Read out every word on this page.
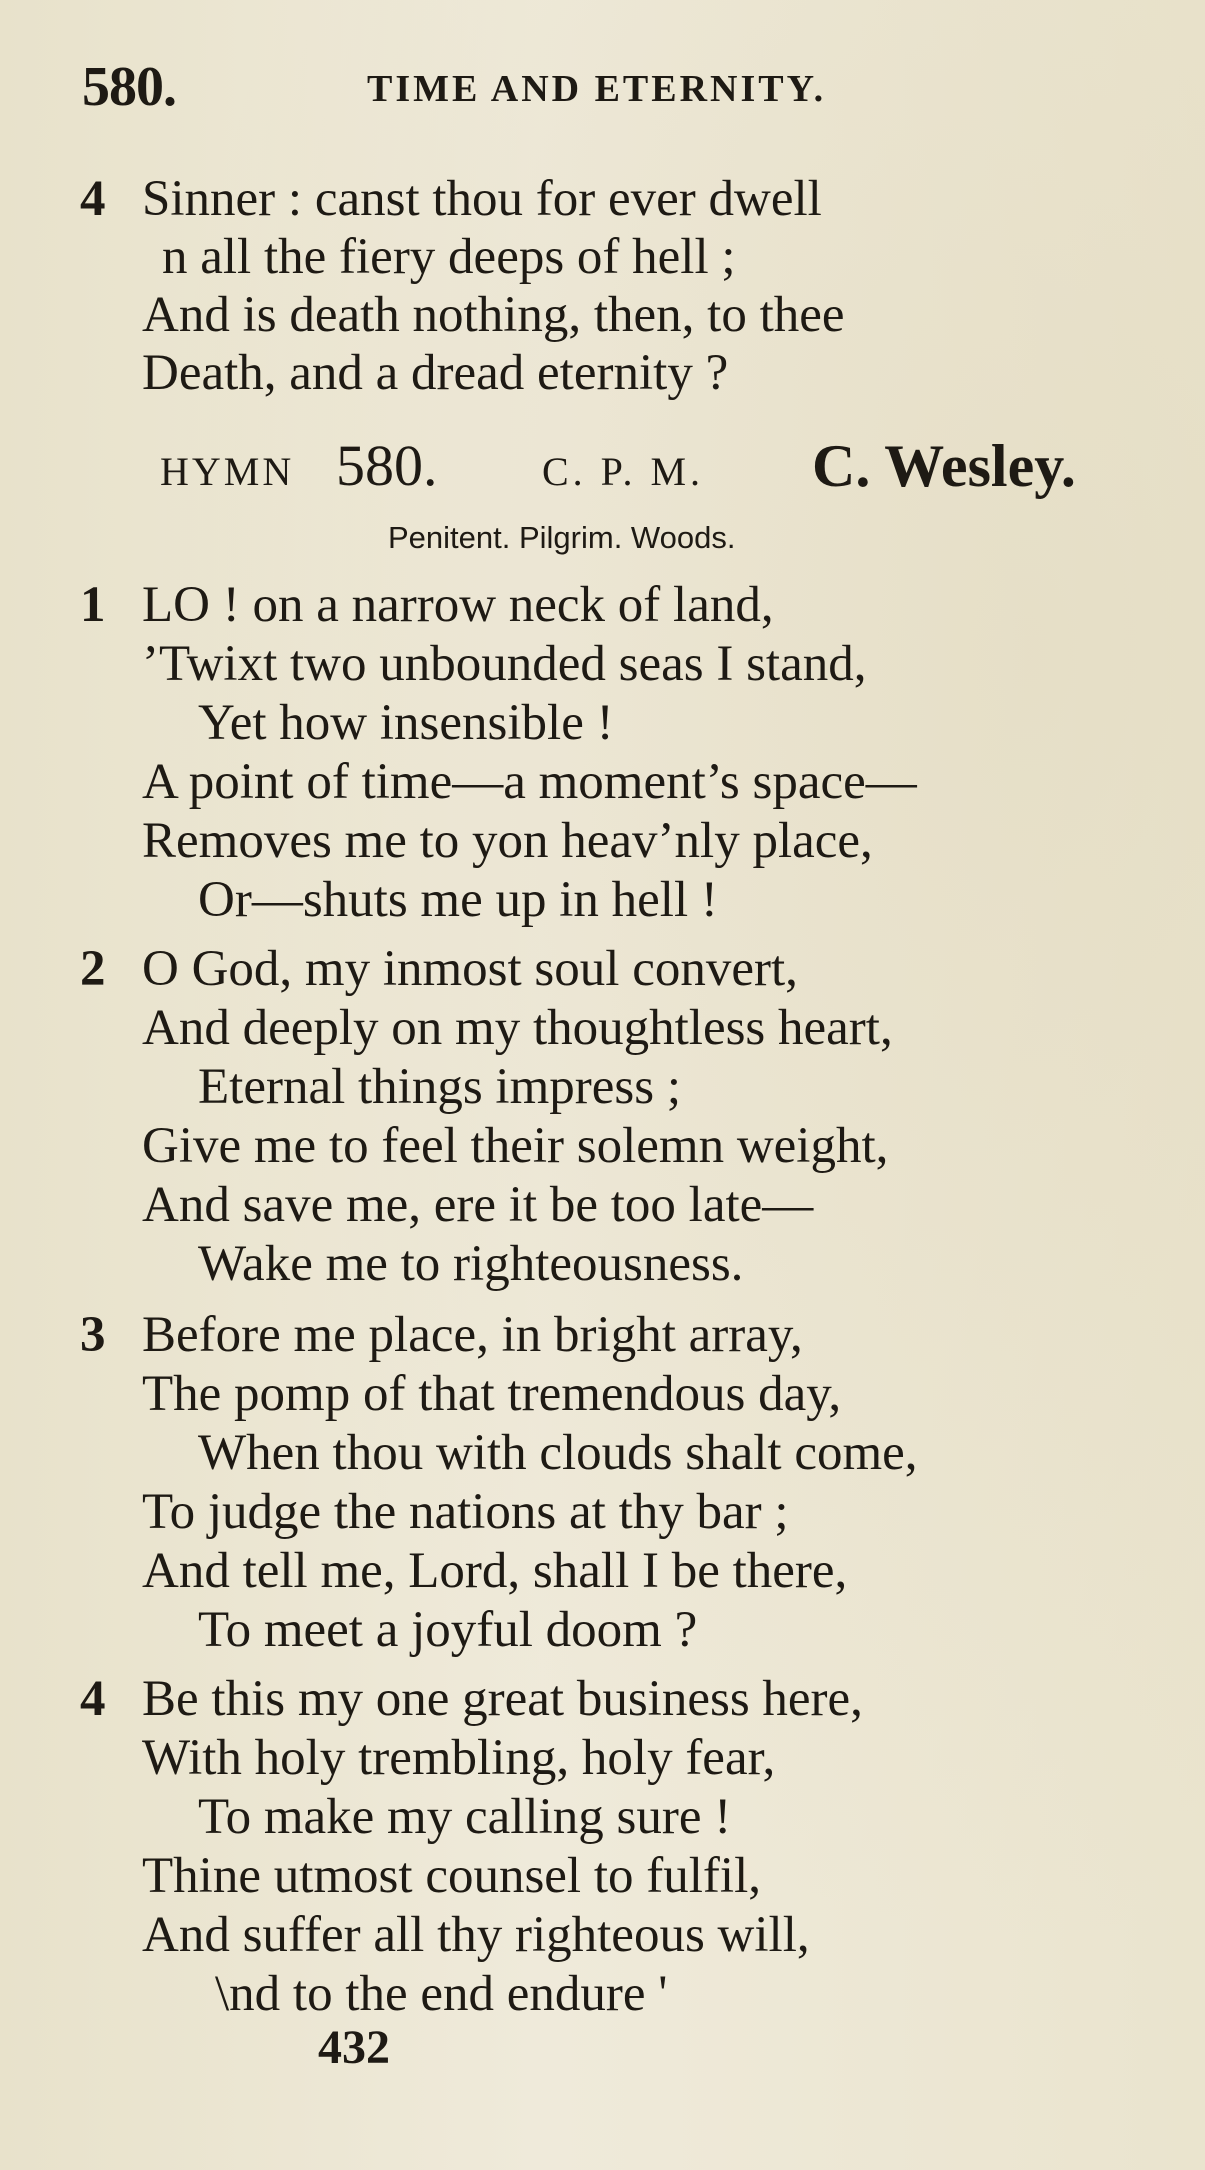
580.	TIME AND ETERNITY.
4 Sinner : canst thou for ever dwell
n all the fiery deeps of hell ;
And is death nothing, then, to thee
Death, and a dread eternity ?
HYMN 580.	C. P. M. C. Wesley.
Penitent. Pilgrim. Woods.
1 LO ! on a narrow neck of land,
’Twixt two unbounded seas I stand,
Yet how insensible !
A point of time—a moment’s space—
Removes me to yon heav’nly place,
Or—shuts me up in hell !
2 O God, my inmost soul convert,
And deeply on my thoughtless heart,
Eternal things impress ;
Give me to feel their solemn weight,
And save me, ere it be too late—
Wake me to righteousness.
3 Before me place, in bright array,
The pomp of that tremendous day,
When thou with clouds shalt come,
To judge the nations at thy bar ;
And tell me, Lord, shall I be there,
To meet a joyful doom ?
4 Be this my one great business here,
With holy trembling, holy fear,
To make my calling sure !
Thine utmost counsel to fulfil,
And suffer all thy righteous will,
\nd to the end endure '
432
